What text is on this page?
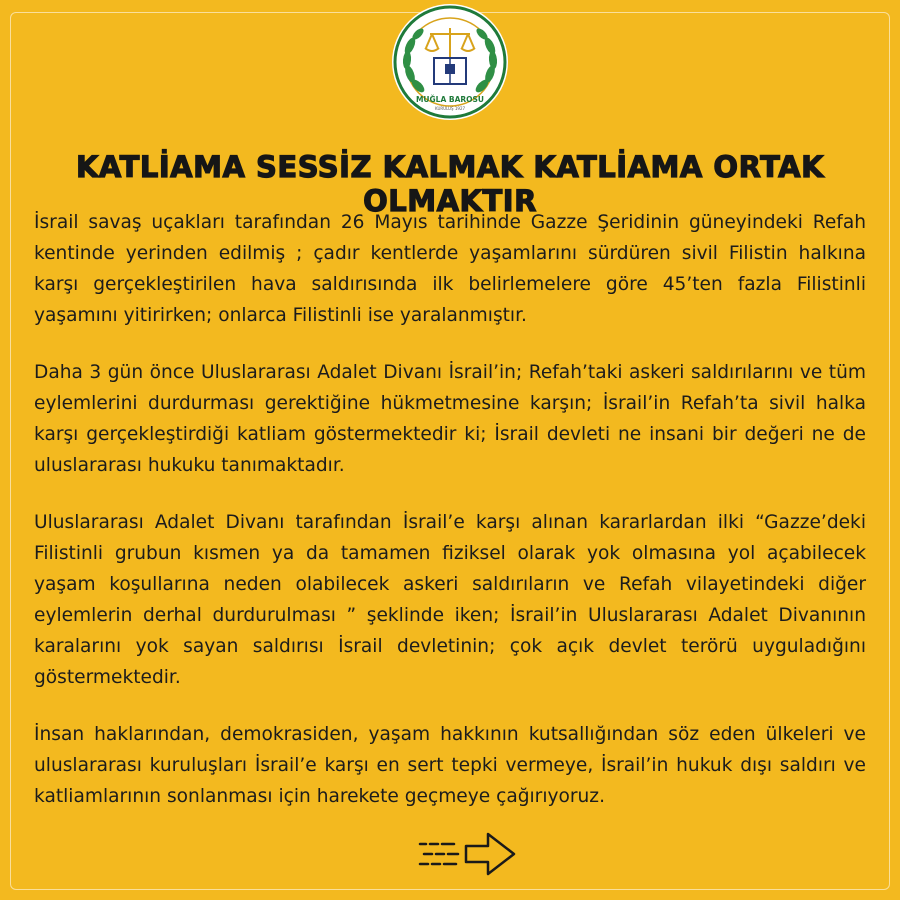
MUĞLA BAROSU
KURULUŞ 1927
KATLİAMA SESSİZ KALMAK KATLİAMA ORTAK OLMAKTIR

İsrail savaş uçakları tarafından 26 Mayıs tarihinde Gazze Şeridinin güneyindeki Refah kentinde yerinden edilmiş ; çadır kentlerde yaşamlarını sürdüren sivil Filistin halkına karşı gerçekleştirilen hava saldırısında ilk belirlemelere göre 45’ten fazla Filistinli yaşamını yitirirken; onlarca Filistinli ise yaralanmıştır.

Daha 3 gün önce Uluslararası Adalet Divanı İsrail’in; Refah’taki askeri saldırılarını ve tüm eylemlerini durdurması gerektiğine hükmetmesine karşın; İsrail’in Refah’ta sivil halka karşı gerçekleştirdiği katliam göstermektedir ki; İsrail devleti ne insani bir değeri ne de uluslararası hukuku tanımaktadır.

Uluslararası Adalet Divanı tarafından İsrail’e karşı alınan kararlardan ilki “Gazze’deki Filistinli grubun kısmen ya da tamamen fiziksel olarak yok olmasına yol açabilecek yaşam koşullarına neden olabilecek askeri saldırıların ve Refah vilayetindeki diğer eylemlerin derhal durdurulması ” şeklinde iken; İsrail’in Uluslararası Adalet Divanının karalarını yok sayan saldırısı İsrail devletinin; çok açık devlet terörü uyguladığını göstermektedir.

İnsan haklarından, demokrasiden, yaşam hakkının kutsallığından söz eden ülkeleri ve uluslararası kuruluşları İsrail’e karşı en sert tepki vermeye, İsrail’in hukuk dışı saldırı ve katliamlarının sonlanması için harekete geçmeye çağırıyoruz.
